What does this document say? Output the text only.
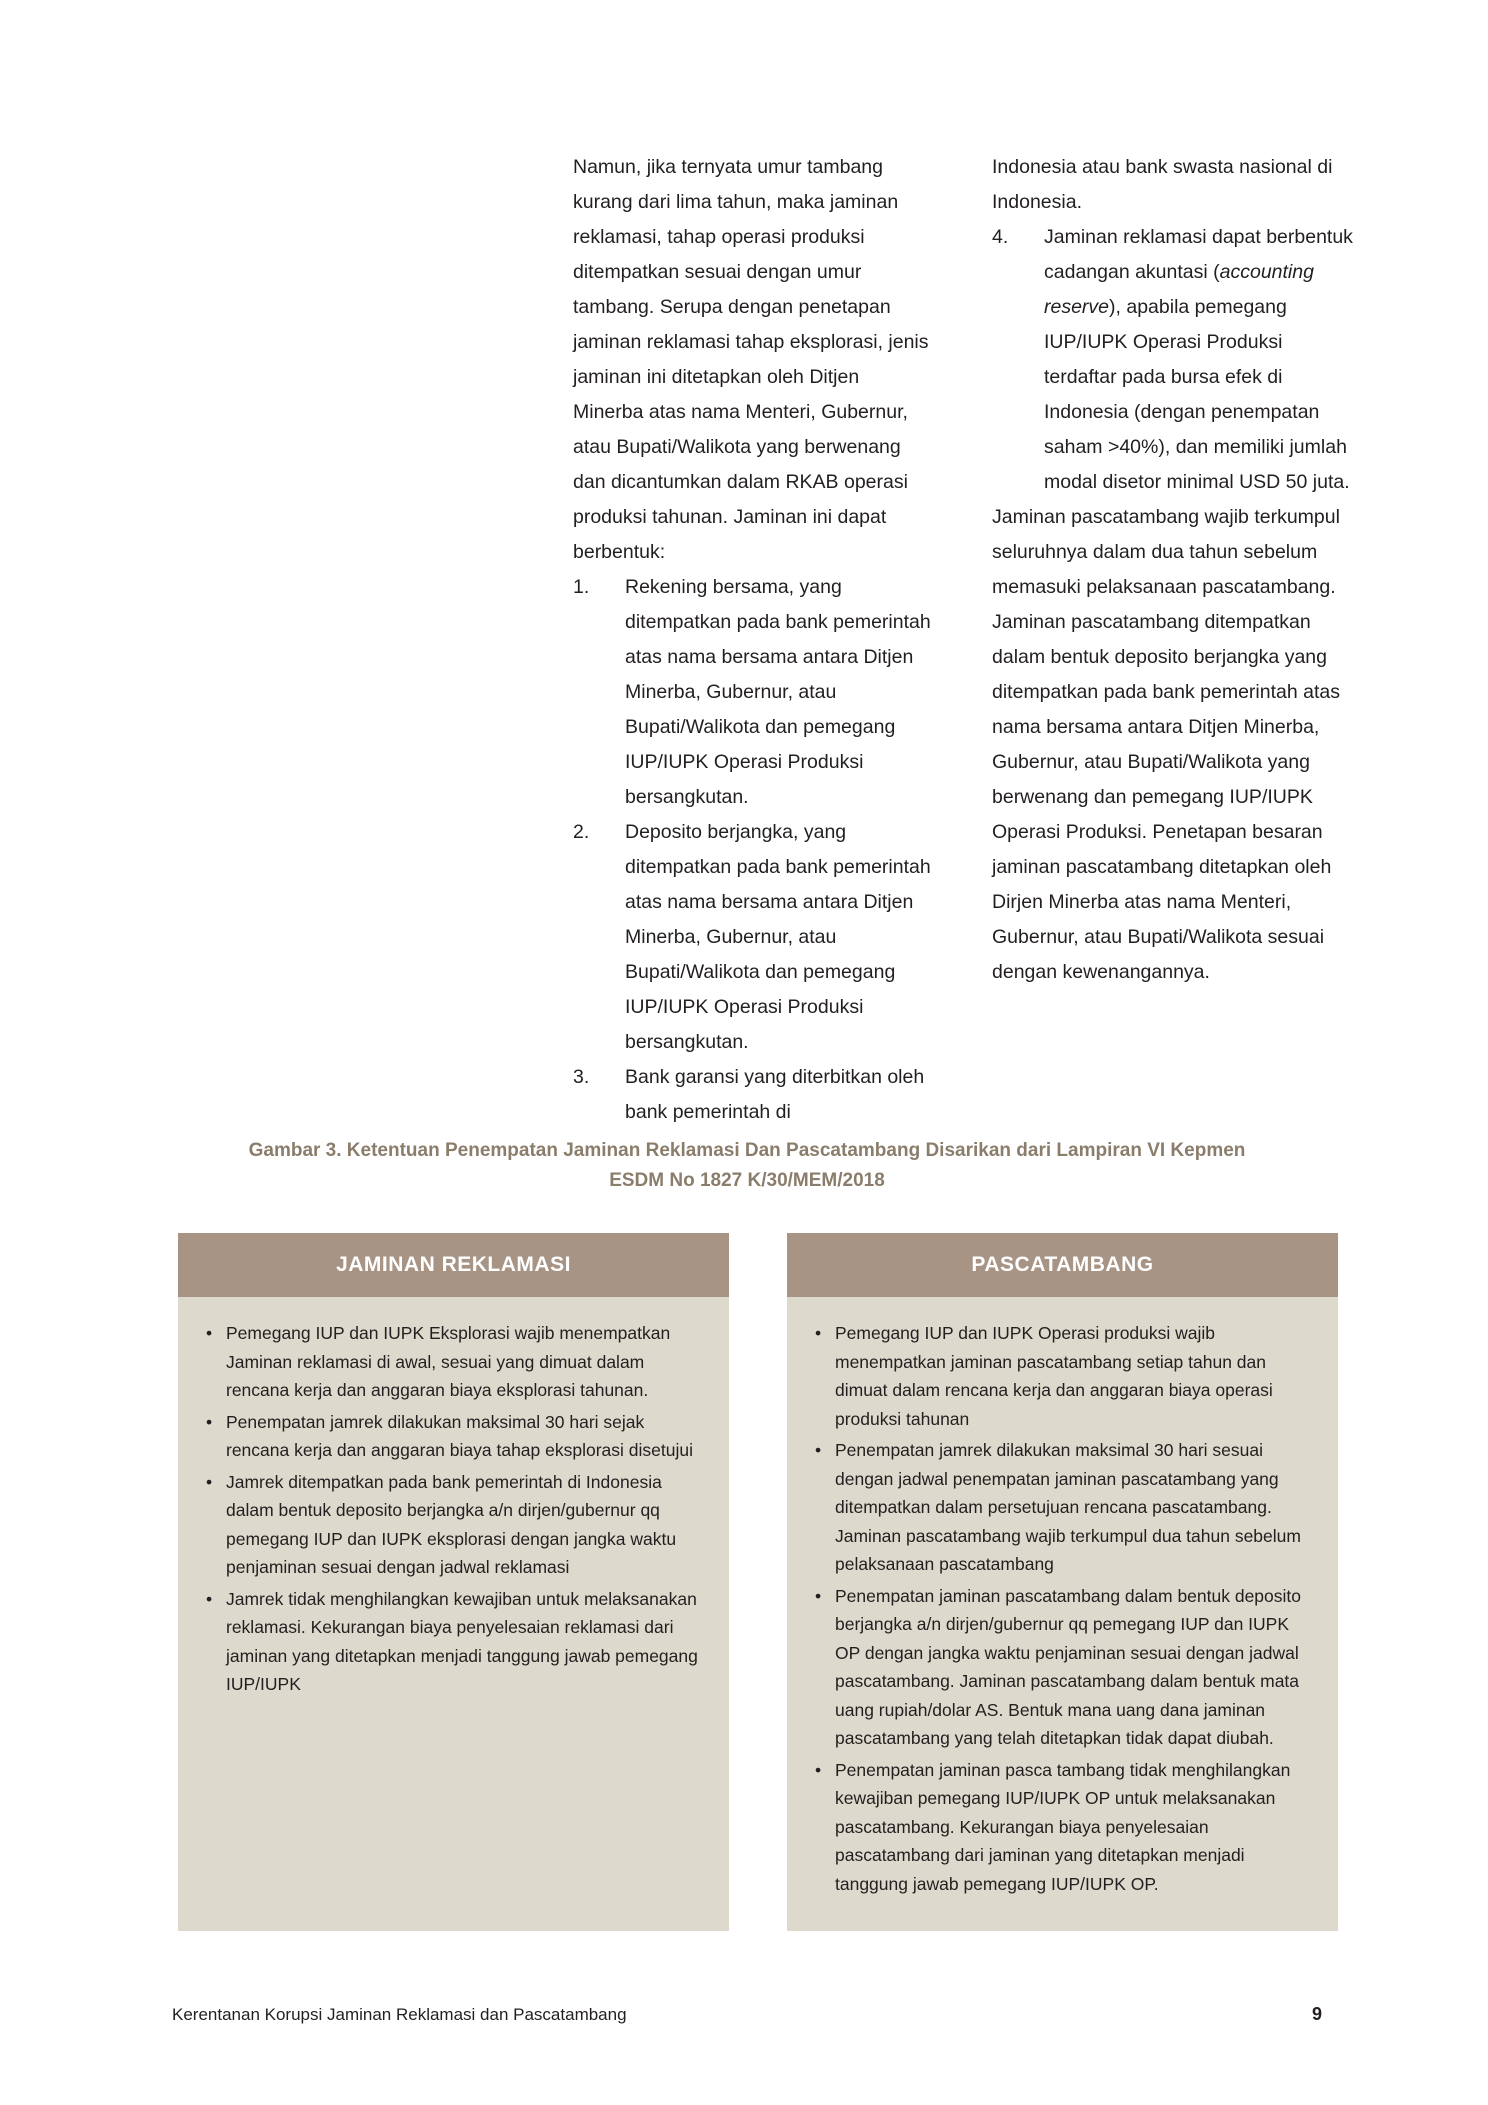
Namun, jika ternyata umur tambang kurang dari lima tahun, maka jaminan reklamasi, tahap operasi produksi ditempatkan sesuai dengan umur tambang. Serupa dengan penetapan jaminan reklamasi tahap eksplorasi, jenis jaminan ini ditetapkan oleh Ditjen Minerba atas nama Menteri, Gubernur, atau Bupati/Walikota yang berwenang dan dicantumkan dalam RKAB operasi produksi tahunan. Jaminan ini dapat berbentuk:

1.	Rekening bersama, yang ditempatkan pada bank pemerintah atas nama bersama antara Ditjen Minerba, Gubernur, atau Bupati/Walikota dan pemegang IUP/IUPK Operasi Produksi bersangkutan.
2.	Deposito berjangka, yang ditempatkan pada bank pemerintah atas nama bersama antara Ditjen Minerba, Gubernur, atau Bupati/Walikota dan pemegang IUP/IUPK Operasi Produksi bersangkutan.
3.	Bank garansi yang diterbitkan oleh bank pemerintah di

Indonesia atau bank swasta nasional di Indonesia.

4.	Jaminan reklamasi dapat berbentuk cadangan akuntasi (accounting reserve), apabila pemegang IUP/IUPK Operasi Produksi terdaftar pada bursa efek di Indonesia (dengan penempatan saham >40%), dan memiliki jumlah modal disetor minimal USD 50 juta.

Jaminan pascatambang wajib terkumpul seluruhnya dalam dua tahun sebelum memasuki pelaksanaan pascatambang. Jaminan pascatambang ditempatkan dalam bentuk deposito berjangka yang ditempatkan pada bank pemerintah atas nama bersama antara Ditjen Minerba, Gubernur, atau Bupati/Walikota yang berwenang dan pemegang IUP/IUPK Operasi Produksi. Penetapan besaran jaminan pascatambang ditetapkan oleh Dirjen Minerba atas nama Menteri, Gubernur, atau Bupati/Walikota sesuai dengan kewenangannya.

Gambar 3. Ketentuan Penempatan Jaminan Reklamasi Dan Pascatambang Disarikan dari Lampiran VI Kepmen
ESDM No 1827 K/30/MEM/2018
JAMINAN REKLAMASI
• Pemegang IUP dan IUPK Eksplorasi wajib menempatkan Jaminan reklamasi di awal, sesuai yang dimuat dalam rencana kerja dan anggaran biaya eksplorasi tahunan.
• Penempatan jamrek dilakukan maksimal 30 hari sejak rencana kerja dan anggaran biaya tahap eksplorasi disetujui
• Jamrek ditempatkan pada bank pemerintah di Indonesia dalam bentuk deposito berjangka a/n dirjen/gubernur qq pemegang IUP dan IUPK eksplorasi dengan jangka waktu penjaminan sesuai dengan jadwal reklamasi
• Jamrek tidak menghilangkan kewajiban untuk melaksanakan reklamasi. Kekurangan biaya penyelesaian reklamasi dari jaminan yang ditetapkan menjadi tanggung jawab pemegang IUP/IUPK
PASCATAMBANG
• Pemegang IUP dan IUPK Operasi produksi wajib menempatkan jaminan pascatambang setiap tahun dan dimuat dalam rencana kerja dan anggaran biaya operasi produksi tahunan
• Penempatan jamrek dilakukan maksimal 30 hari sesuai dengan jadwal penempatan jaminan pascatambang yang ditempatkan dalam persetujuan rencana pascatambang. Jaminan pascatambang wajib terkumpul dua tahun sebelum pelaksanaan pascatambang
• Penempatan jaminan pascatambang dalam bentuk deposito berjangka a/n dirjen/gubernur qq pemegang IUP dan IUPK OP dengan jangka waktu penjaminan sesuai dengan jadwal pascatambang. Jaminan pascatambang dalam bentuk mata uang rupiah/dolar AS. Bentuk mana uang dana jaminan pascatambang yang telah ditetapkan tidak dapat diubah.
• Penempatan jaminan pasca tambang tidak menghilangkan kewajiban pemegang IUP/IUPK OP untuk melaksanakan pascatambang. Kekurangan biaya penyelesaian pascatambang dari jaminan yang ditetapkan menjadi tanggung jawab pemegang IUP/IUPK OP.
Kerentanan Korupsi Jaminan Reklamasi dan Pascatambang	9
